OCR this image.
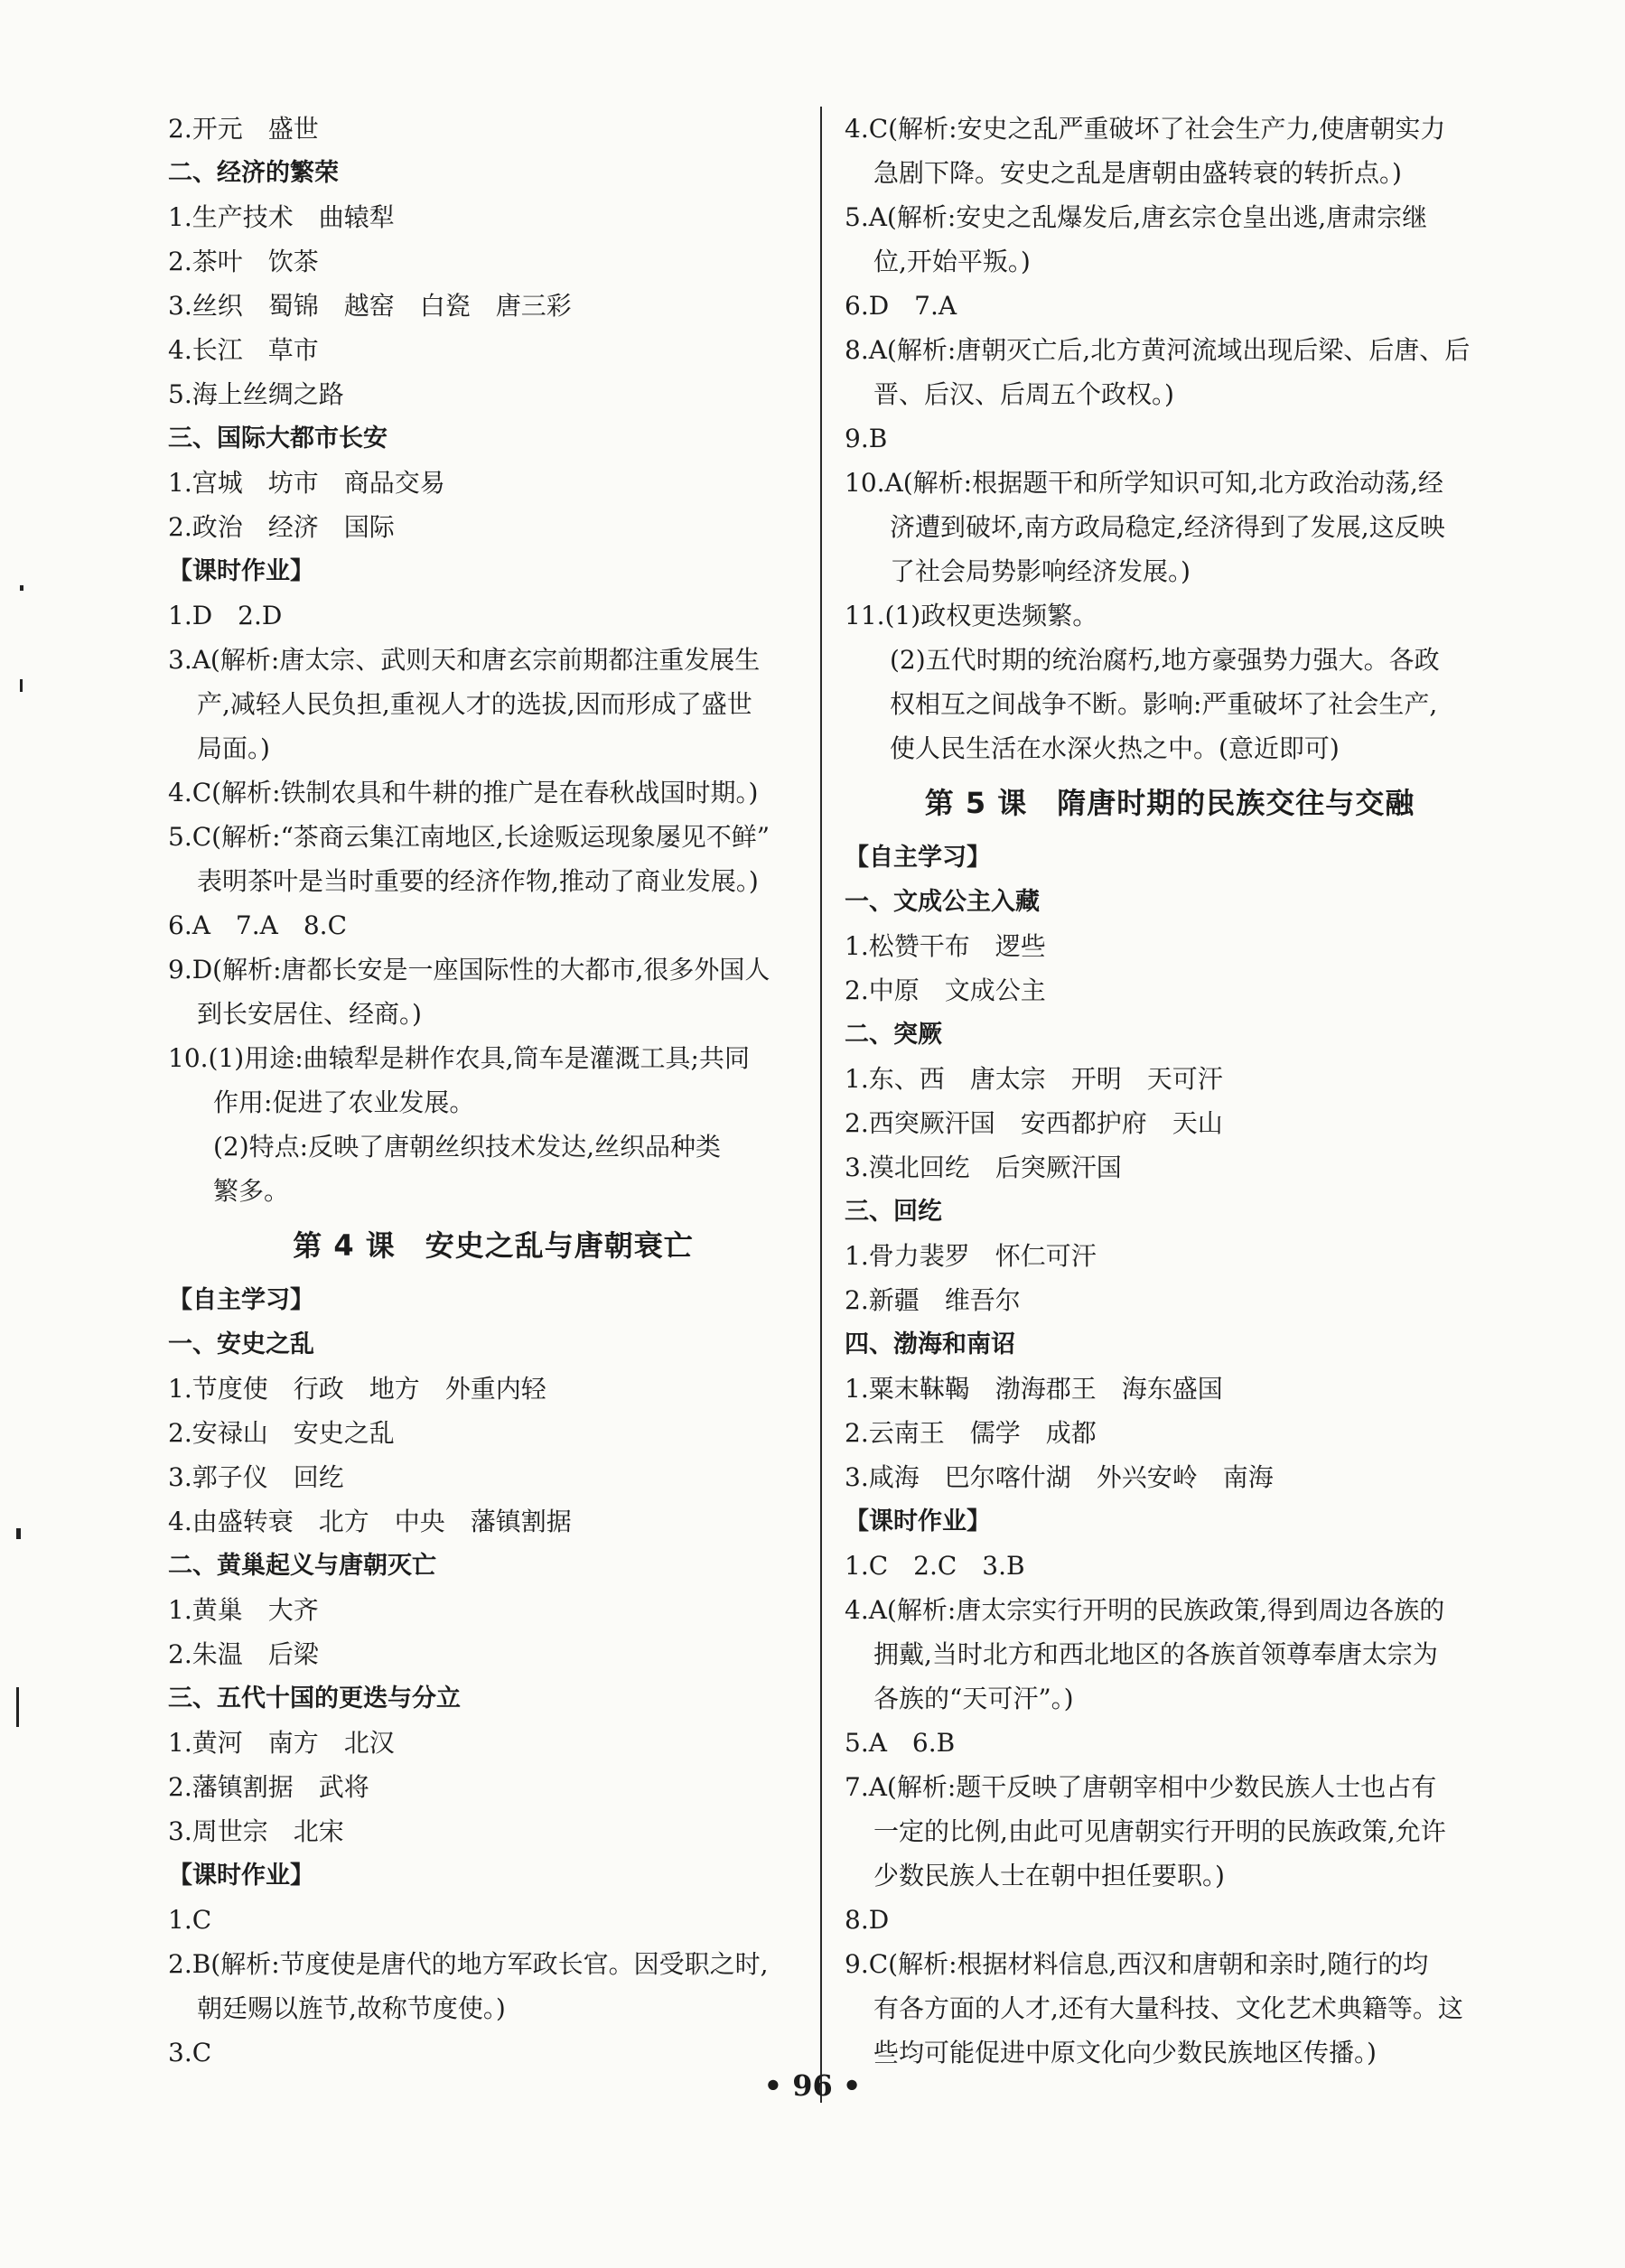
2.开元　盛世
二、经济的繁荣
1.生产技术　曲辕犁
2.茶叶　饮茶
3.丝织　蜀锦　越窑　白瓷　唐三彩
4.长江　草市
5.海上丝绸之路
三、国际大都市长安
1.宫城　坊市　商品交易
2.政治　经济　国际
【课时作业】
1.D　2.D
3.A(解析:唐太宗、武则天和唐玄宗前期都注重发展生
产,减轻人民负担,重视人才的选拔,因而形成了盛世
局面。)
4.C(解析:铁制农具和牛耕的推广是在春秋战国时期。)
5.C(解析:“茶商云集江南地区,长途贩运现象屡见不鲜”
表明茶叶是当时重要的经济作物,推动了商业发展。)
6.A　7.A　8.C
9.D(解析:唐都长安是一座国际性的大都市,很多外国人
到长安居住、经商。)
10.(1)用途:曲辕犁是耕作农具,筒车是灌溉工具;共同
作用:促进了农业发展。
(2)特点:反映了唐朝丝织技术发达,丝织品种类
繁多。
第 4 课　安史之乱与唐朝衰亡
【自主学习】
一、安史之乱
1.节度使　行政　地方　外重内轻
2.安禄山　安史之乱
3.郭子仪　回纥
4.由盛转衰　北方　中央　藩镇割据
二、黄巢起义与唐朝灭亡
1.黄巢　大齐
2.朱温　后梁
三、五代十国的更迭与分立
1.黄河　南方　北汉
2.藩镇割据　武将
3.周世宗　北宋
【课时作业】
1.C
2.B(解析:节度使是唐代的地方军政长官。因受职之时,
朝廷赐以旌节,故称节度使。)
3.C
4.C(解析:安史之乱严重破坏了社会生产力,使唐朝实力
急剧下降。安史之乱是唐朝由盛转衰的转折点。)
5.A(解析:安史之乱爆发后,唐玄宗仓皇出逃,唐肃宗继
位,开始平叛。)
6.D　7.A
8.A(解析:唐朝灭亡后,北方黄河流域出现后梁、后唐、后
晋、后汉、后周五个政权。)
9.B
10.A(解析:根据题干和所学知识可知,北方政治动荡,经
济遭到破坏,南方政局稳定,经济得到了发展,这反映
了社会局势影响经济发展。)
11.(1)政权更迭频繁。
(2)五代时期的统治腐朽,地方豪强势力强大。各政
权相互之间战争不断。影响:严重破坏了社会生产,
使人民生活在水深火热之中。(意近即可)
第 5 课　隋唐时期的民族交往与交融
【自主学习】
一、文成公主入藏
1.松赞干布　逻些
2.中原　文成公主
二、突厥
1.东、西　唐太宗　开明　天可汗
2.西突厥汗国　安西都护府　天山
3.漠北回纥　后突厥汗国
三、回纥
1.骨力裴罗　怀仁可汗
2.新疆　维吾尔
四、渤海和南诏
1.粟末靺鞨　渤海郡王　海东盛国
2.云南王　儒学　成都
3.咸海　巴尔喀什湖　外兴安岭　南海
【课时作业】
1.C　2.C　3.B
4.A(解析:唐太宗实行开明的民族政策,得到周边各族的
拥戴,当时北方和西北地区的各族首领尊奉唐太宗为
各族的“天可汗”。)
5.A　6.B
7.A(解析:题干反映了唐朝宰相中少数民族人士也占有
一定的比例,由此可见唐朝实行开明的民族政策,允许
少数民族人士在朝中担任要职。)
8.D
9.C(解析:根据材料信息,西汉和唐朝和亲时,随行的均
有各方面的人才,还有大量科技、文化艺术典籍等。这
些均可能促进中原文化向少数民族地区传播。)
• 96 •
